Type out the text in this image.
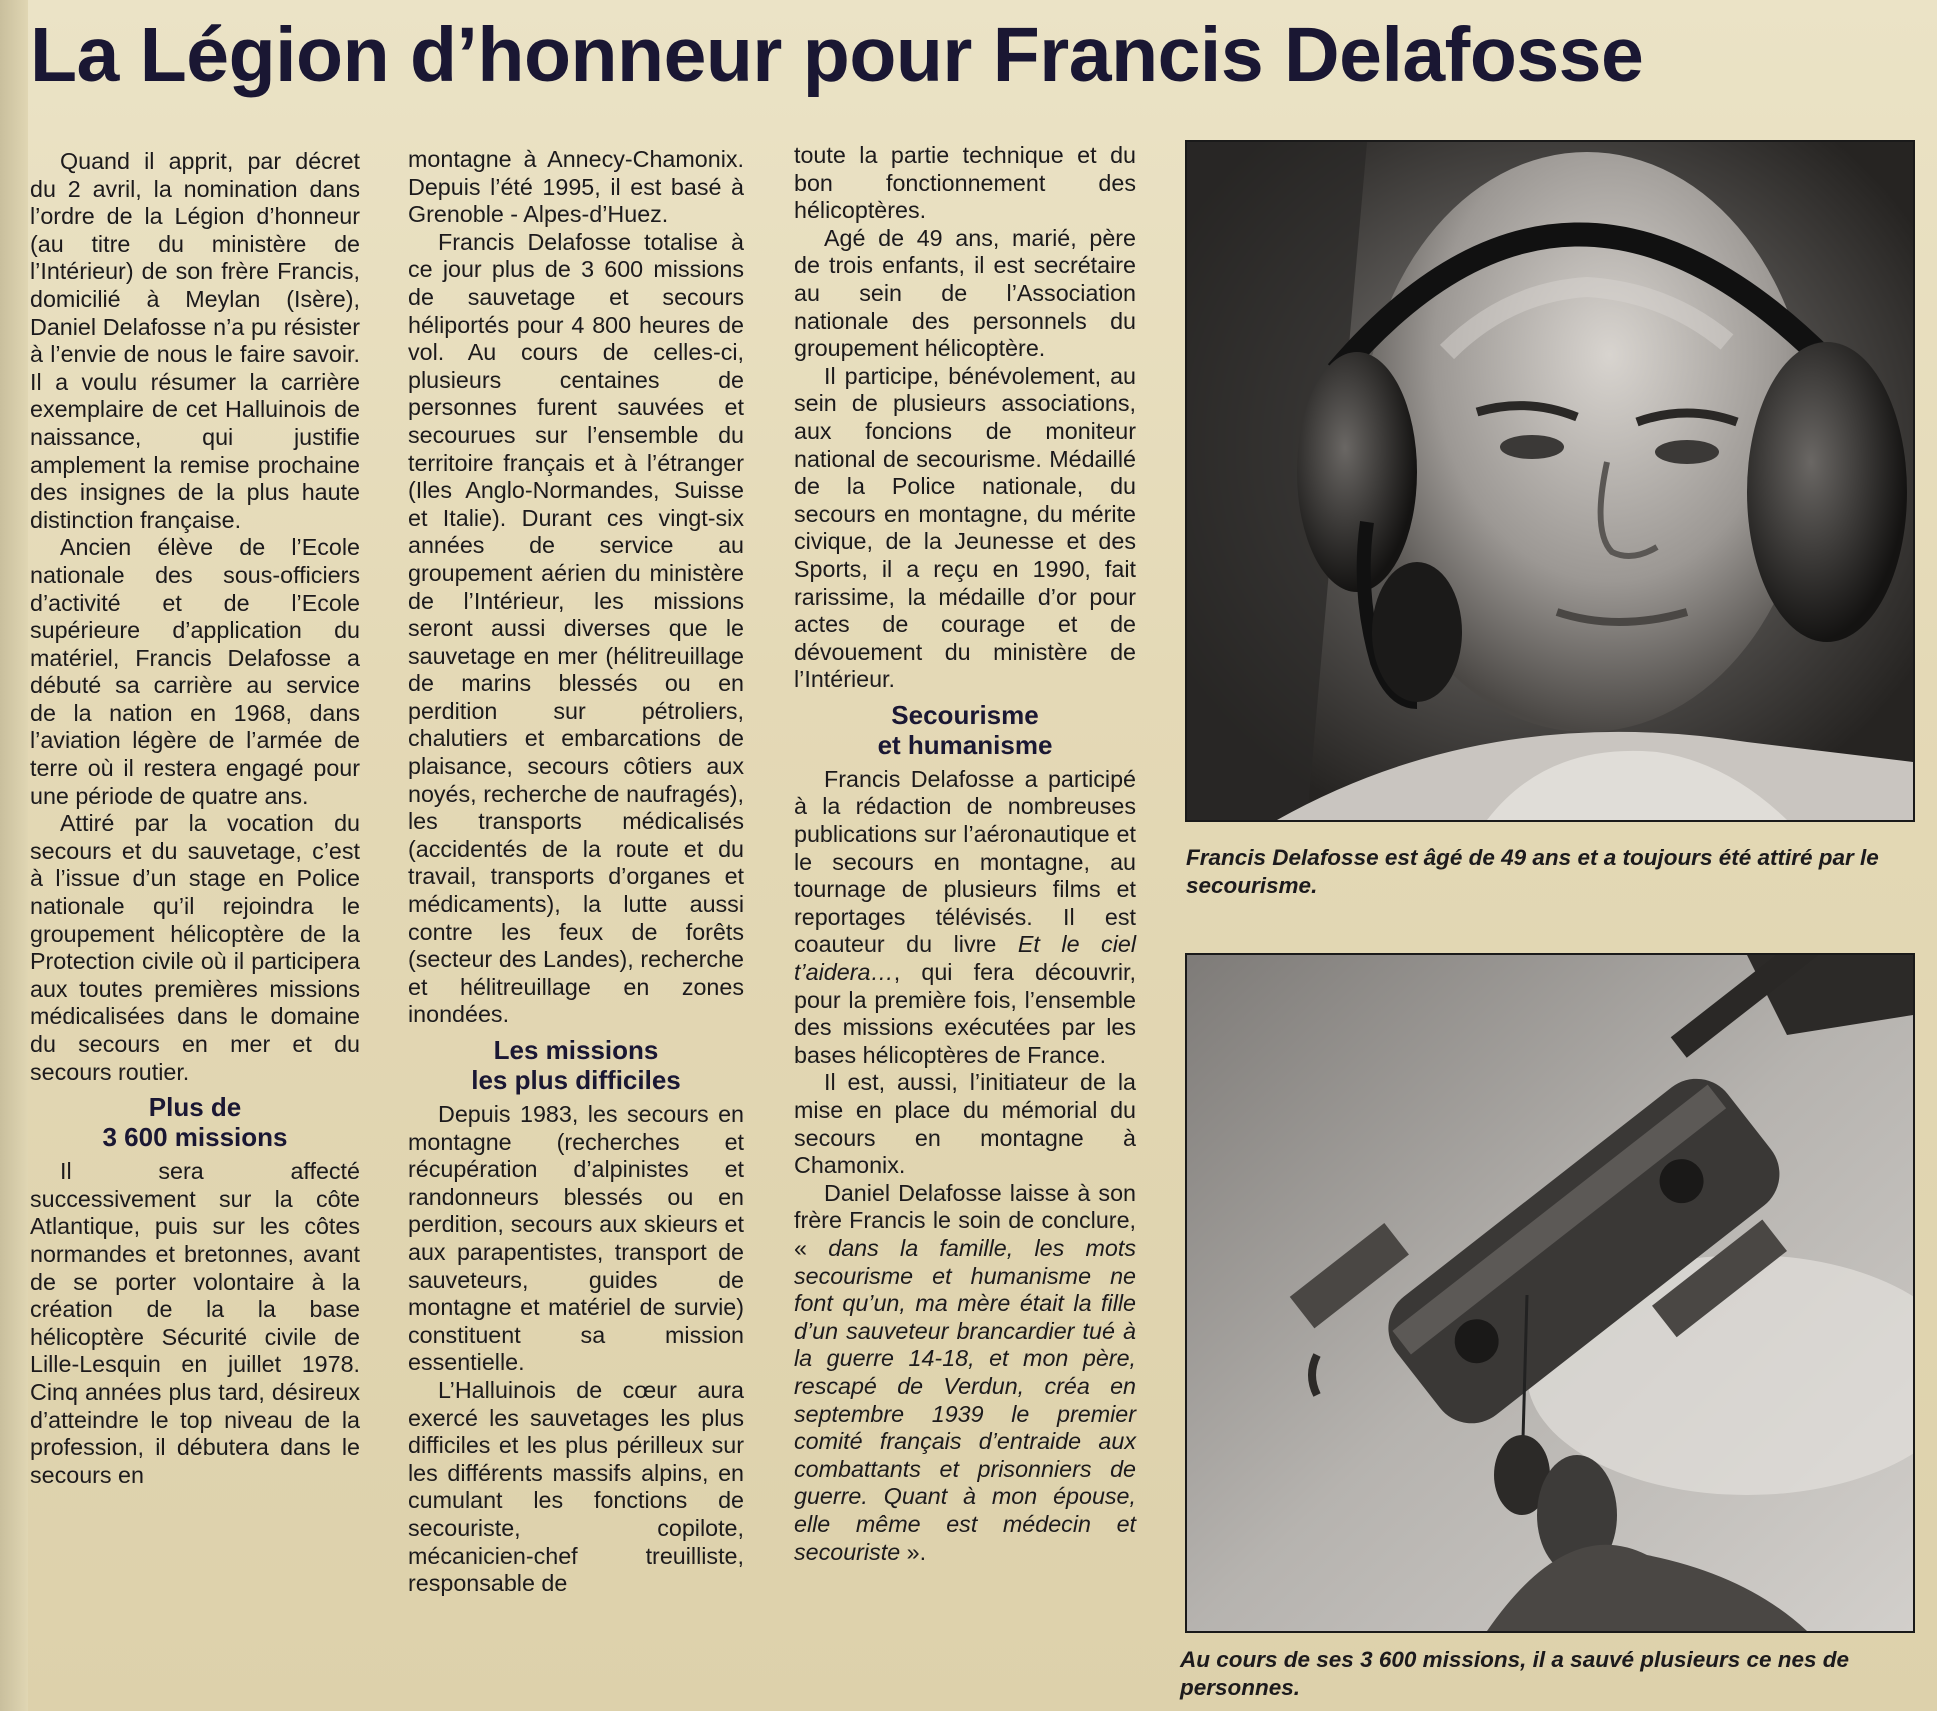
La Légion d’honneur pour Francis Delafosse

Quand il apprit, par décret du 2 avril, la nomination dans l’ordre de la Légion d’honneur (au titre du ministère de l’Intérieur) de son frère Francis, domicilié à Meylan (Isère), Daniel Delafosse n’a pu résister à l’envie de nous le faire savoir. Il a voulu résumer la carrière exemplaire de cet Halluinois de naissance, qui justifie amplement la remise prochaine des insignes de la plus haute distinction française.

Ancien élève de l’Ecole nationale des sous-officiers d’activité et de l’Ecole supérieure d’application du matériel, Francis Delafosse a débuté sa carrière au service de la nation en 1968, dans l’aviation légère de l’armée de terre où il restera engagé pour une période de quatre ans.

Attiré par la vocation du secours et du sauvetage, c’est à l’issue d’un stage en Police nationale qu’il rejoindra le groupement hélicoptère de la Protection civile où il participera aux toutes premières missions médicalisées dans le domaine du secours en mer et du secours routier.

Plus de
3 600 missions

Il sera affecté successivement sur la côte Atlantique, puis sur les côtes normandes et bretonnes, avant de se porter volontaire à la création de la la base hélicoptère Sécurité civile de Lille-Lesquin en juillet 1978. Cinq années plus tard, désireux d’atteindre le top niveau de la profession, il débutera dans le secours en

montagne à Annecy-Chamonix. Depuis l’été 1995, il est basé à Grenoble - Alpes-d’Huez.

Francis Delafosse totalise à ce jour plus de 3 600 missions de sauvetage et secours héliportés pour 4 800 heures de vol. Au cours de celles-ci, plusieurs centaines de personnes furent sauvées et secourues sur l’ensemble du territoire français et à l’étranger (Iles Anglo-Normandes, Suisse et Italie). Durant ces vingt-six années de service au groupement aérien du ministère de l’Intérieur, les missions seront aussi diverses que le sauvetage en mer (hélitreuillage de marins blessés ou en perdition sur pétroliers, chalutiers et embarcations de plaisance, secours côtiers aux noyés, recherche de naufragés), les transports médicalisés (accidentés de la route et du travail, transports d’organes et médicaments), la lutte aussi contre les feux de forêts (secteur des Landes), recherche et hélitreuillage en zones inondées.

Les missions
les plus difficiles

Depuis 1983, les secours en montagne (recherches et récupération d’alpinistes et randonneurs blessés ou en perdition, secours aux skieurs et aux parapentistes, transport de sauveteurs, guides de montagne et matériel de survie) constituent sa mission essentielle.

L’Halluinois de cœur aura exercé les sauvetages les plus difficiles et les plus périlleux sur les différents massifs alpins, en cumulant les fonctions de secouriste, copilote, mécanicien-chef treuilliste, responsable de

toute la partie technique et du bon fonctionnement des hélicoptères.

Agé de 49 ans, marié, père de trois enfants, il est secrétaire au sein de l’Association nationale des personnels du groupement hélicoptère.

Il participe, bénévolement, au sein de plusieurs associations, aux foncions de moniteur national de secourisme. Médaillé de la Police nationale, du secours en montagne, du mérite civique, de la Jeunesse et des Sports, il a reçu en 1990, fait rarissime, la médaille d’or pour actes de courage et de dévouement du ministère de l’Intérieur.

Secourisme
et humanisme

Francis Delafosse a participé à la rédaction de nombreuses publications sur l’aéronautique et le secours en montagne, au tournage de plusieurs films et reportages télévisés. Il est coauteur du livre Et le ciel t’aidera…, qui fera découvrir, pour la première fois, l’ensemble des missions exécutées par les bases hélicoptères de France.

Il est, aussi, l’initiateur de la mise en place du mémorial du secours en montagne à Chamonix.

Daniel Delafosse laisse à son frère Francis le soin de conclure, « dans la famille, les mots secourisme et humanisme ne font qu’un, ma mère était la fille d’un sauveteur brancardier tué à la guerre 14-18, et mon père, rescapé de Verdun, créa en septembre 1939 le premier comité français d’entraide aux combattants et prisonniers de guerre. Quant à mon épouse, elle même est médecin et secouriste ».

Francis Delafosse est âgé de 49 ans et a toujours été attiré par le secourisme.
Au cours de ses 3 600 missions, il a sauvé plusieurs ce nes de personnes.
